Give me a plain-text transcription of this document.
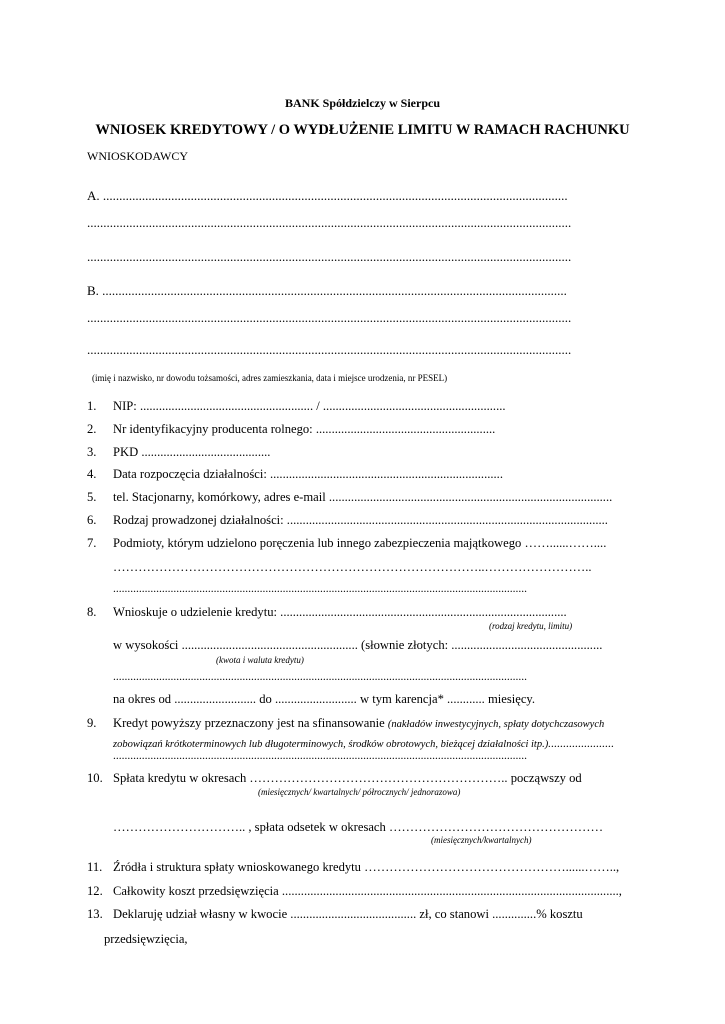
BANK Spółdzielczy w Sierpcu
WNIOSEK KREDYTOWY / O WYDŁUŻENIE LIMITU W RAMACH RACHUNKU
WNIOSKODAWCY
A. ...............................................................................................................................................
.....................................................................................................................................................
.....................................................................................................................................................
B. ...............................................................................................................................................
.....................................................................................................................................................
.....................................................................................................................................................
(imię i nazwisko, nr dowodu tożsamości, adres zamieszkania, data i miejsce urodzenia, nr PESEL)
1. NIP: ....................................................... / ..........................................................
2. Nr identyfikacyjny producenta rolnego: .........................................................
3. PKD .........................................
4. Data rozpoczęcia działalności: ..........................................................................
5. tel. Stacjonarny, komórkowy, adres e-mail ..........................................................................................
6. Rodzaj prowadzonej działalności: ......................................................................................................
7. Podmioty, którym udzielono poręczenia lub innego zabezpieczenia majątkowego ……......……....
……………………………………………………………………………..……………………..
................................................................................................................................................
8. Wnioskuje o udzielenie kredytu: ...........................................................................................
(rodzaj kredytu, limitu)
w wysokości ........................................................ (słownie złotych: ................................................
(kwota i waluta kredytu)
................................................................................................................................................
na okres od .......................... do .......................... w tym karencja* ............ miesięcy.
9. Kredyt powyższy przeznaczony jest na sfinansowanie (nakładów inwestycyjnych, spłaty dotychczasowych
zobowiązań krótkoterminowych lub długoterminowych, środków obrotowych, bieżącej działalności itp.)......................
................................................................................................................................................
10. Spłata kredytu w okresach …………………………………………………….. począwszy od
(miesięcznych/ kwartalnych/ półrocznych/ jednorazowa)
………………………….. , spłata odsetek w okresach ……………………………………………
(miesięcznych/kwartalnych)
11. Źródła i struktura spłaty wnioskowanego kredytu …………………………………………......……..,
12. Całkowity koszt przedsięwzięcia ...........................................................................................................,
13. Deklaruję udział własny w kwocie ........................................ zł, co stanowi ..............% kosztu
przedsięwzięcia,
